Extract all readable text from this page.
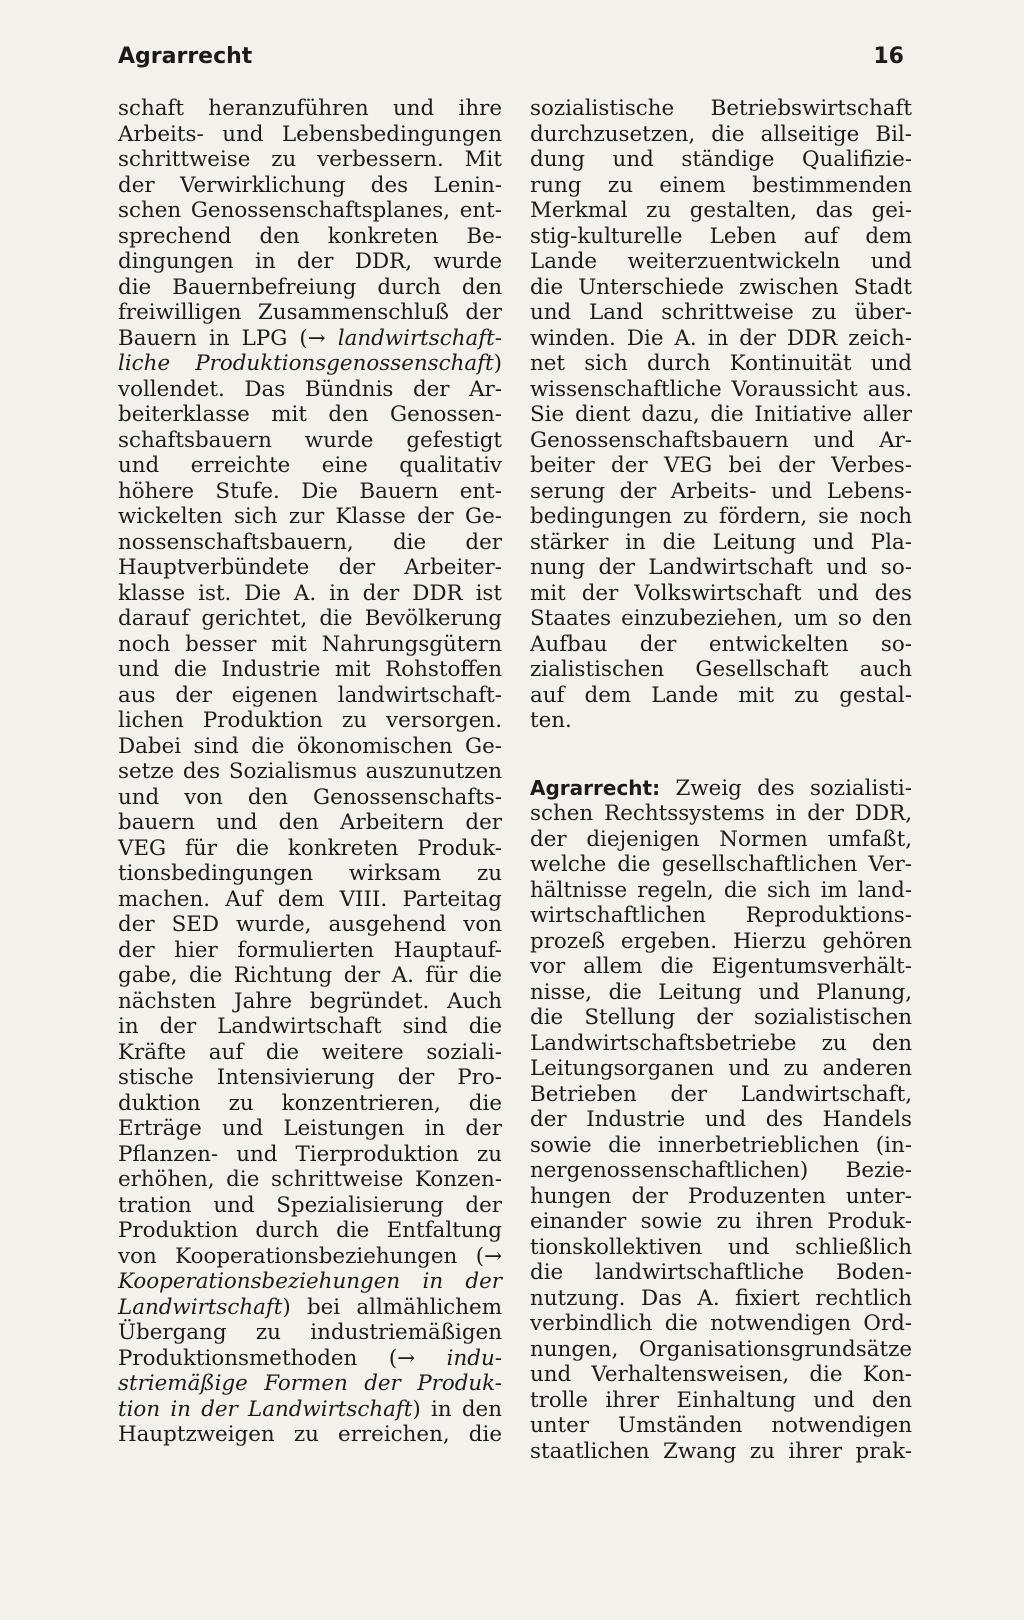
Agrarrecht	16
schaft heranzuführen und ihre
Arbeits- und Lebensbedingungen
schrittweise zu verbessern. Mit
der Verwirklichung des Lenin-
schen Genossenschaftsplanes, ent-
sprechend den konkreten Be-
dingungen in der DDR, wurde
die Bauernbefreiung durch den
freiwilligen Zusammenschluß der
Bauern in LPG (→ landwirtschaft-
liche Produktionsgenossenschaft)
vollendet. Das Bündnis der Ar-
beiterklasse mit den Genossen-
schaftsbauern wurde gefestigt
und erreichte eine qualitativ
höhere Stufe. Die Bauern ent-
wickelten sich zur Klasse der Ge-
nossenschaftsbauern, die der
Hauptverbündete der Arbeiter-
klasse ist. Die A. in der DDR ist
darauf gerichtet, die Bevölkerung
noch besser mit Nahrungsgütern
und die Industrie mit Rohstoffen
aus der eigenen landwirtschaft-
lichen Produktion zu versorgen.
Dabei sind die ökonomischen Ge-
setze des Sozialismus auszunutzen
und von den Genossenschafts-
bauern und den Arbeitern der
VEG für die konkreten Produk-
tionsbedingungen wirksam zu
machen. Auf dem VIII. Parteitag
der SED wurde, ausgehend von
der hier formulierten Hauptauf-
gabe, die Richtung der A. für die
nächsten Jahre begründet. Auch
in der Landwirtschaft sind die
Kräfte auf die weitere soziali-
stische Intensivierung der Pro-
duktion zu konzentrieren, die
Erträge und Leistungen in der
Pflanzen- und Tierproduktion zu
erhöhen, die schrittweise Konzen-
tration und Spezialisierung der
Produktion durch die Entfaltung
von Kooperationsbeziehungen (→
Kooperationsbeziehungen in der
Landwirtschaft) bei allmählichem
Übergang zu industriemäßigen
Produktionsmethoden (→ indu-
striemäßige Formen der Produk-
tion in der Landwirtschaft) in den
Hauptzweigen zu erreichen, die
sozialistische Betriebswirtschaft
durchzusetzen, die allseitige Bil-
dung und ständige Qualifizie-
rung zu einem bestimmenden
Merkmal zu gestalten, das gei-
stig-kulturelle Leben auf dem
Lande weiterzuentwickeln und
die Unterschiede zwischen Stadt
und Land schrittweise zu über-
winden. Die A. in der DDR zeich-
net sich durch Kontinuität und
wissenschaftliche Voraussicht aus.
Sie dient dazu, die Initiative aller
Genossenschaftsbauern und Ar-
beiter der VEG bei der Verbes-
serung der Arbeits- und Lebens-
bedingungen zu fördern, sie noch
stärker in die Leitung und Pla-
nung der Landwirtschaft und so-
mit der Volkswirtschaft und des
Staates einzubeziehen, um so den
Aufbau der entwickelten so-
zialistischen Gesellschaft auch
auf dem Lande mit zu gestal-
ten.
Agrarrecht: Zweig des sozialisti-
schen Rechtssystems in der DDR,
der diejenigen Normen umfaßt,
welche die gesellschaftlichen Ver-
hältnisse regeln, die sich im land-
wirtschaftlichen Reproduktions-
prozeß ergeben. Hierzu gehören
vor allem die Eigentumsverhält-
nisse, die Leitung und Planung,
die Stellung der sozialistischen
Landwirtschaftsbetriebe zu den
Leitungsorganen und zu anderen
Betrieben der Landwirtschaft,
der Industrie und des Handels
sowie die innerbetrieblichen (in-
nergenossenschaftlichen) Bezie-
hungen der Produzenten unter-
einander sowie zu ihren Produk-
tionskollektiven und schließlich
die landwirtschaftliche Boden-
nutzung. Das A. fixiert rechtlich
verbindlich die notwendigen Ord-
nungen, Organisationsgrundsätze
und Verhaltensweisen, die Kon-
trolle ihrer Einhaltung und den
unter Umständen notwendigen
staatlichen Zwang zu ihrer prak-
